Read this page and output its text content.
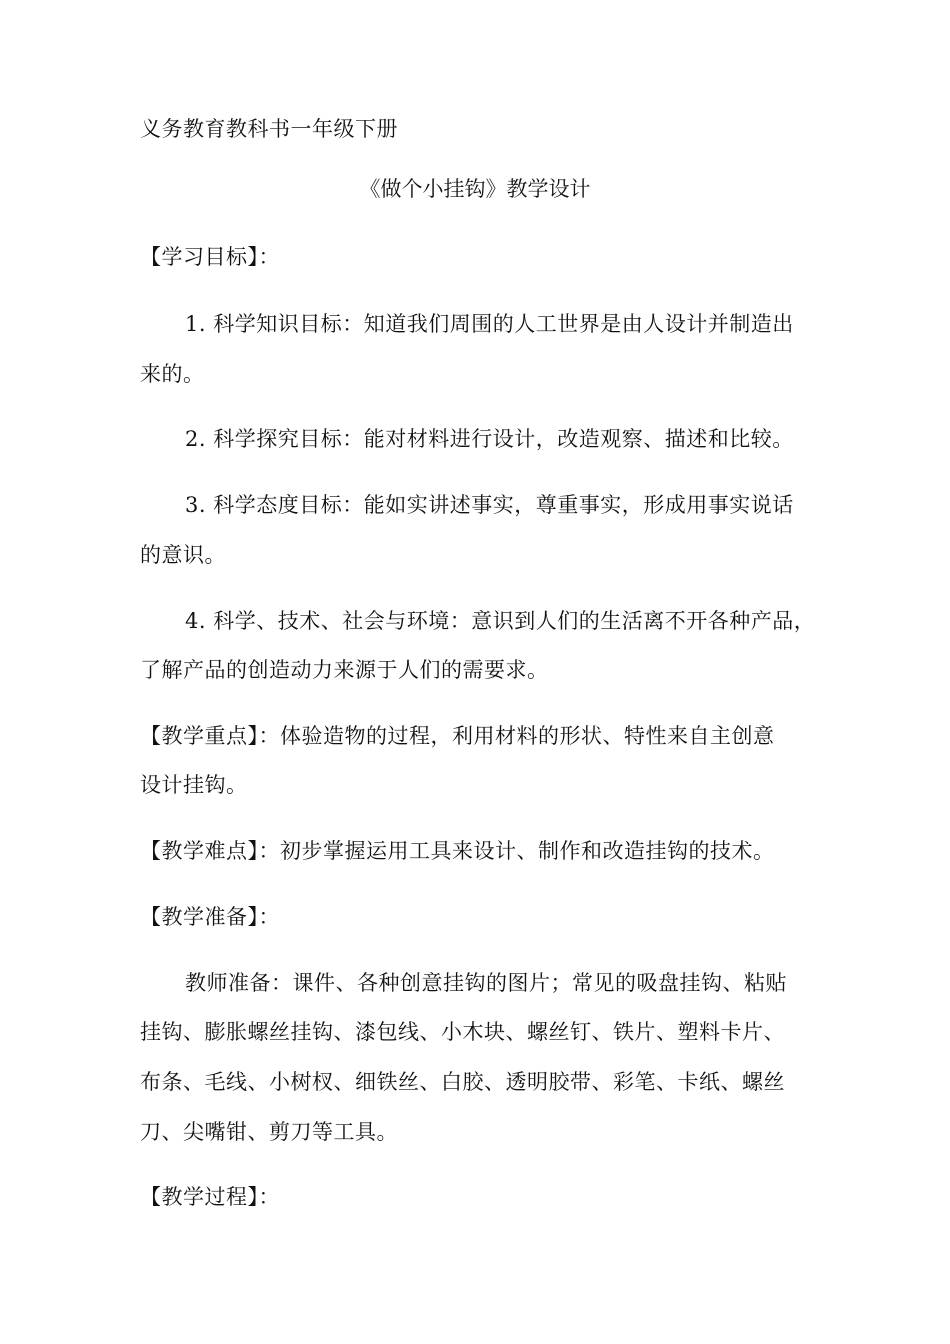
义务教育教科书一年级下册
《做个小挂钩》教学设计
【学习目标】：
1. 科学知识目标：知道我们周围的人工世界是由人设计并制造出
来的。
2. 科学探究目标：能对材料进行设计，改造观察、描述和比较。
3. 科学态度目标：能如实讲述事实，尊重事实，形成用事实说话
的意识。
4. 科学、技术、社会与环境：意识到人们的生活离不开各种产品，
了解产品的创造动力来源于人们的需要求。
【教学重点】：体验造物的过程，利用材料的形状、特性来自主创意
设计挂钩。
【教学难点】：初步掌握运用工具来设计、制作和改造挂钩的技术。
【教学准备】：
教师准备：课件、各种创意挂钩的图片；常见的吸盘挂钩、粘贴
挂钩、膨胀螺丝挂钩、漆包线、小木块、螺丝钉、铁片、塑料卡片、
布条、毛线、小树杈、细铁丝、白胶、透明胶带、彩笔、卡纸、螺丝
刀、尖嘴钳、剪刀等工具。
【教学过程】：
